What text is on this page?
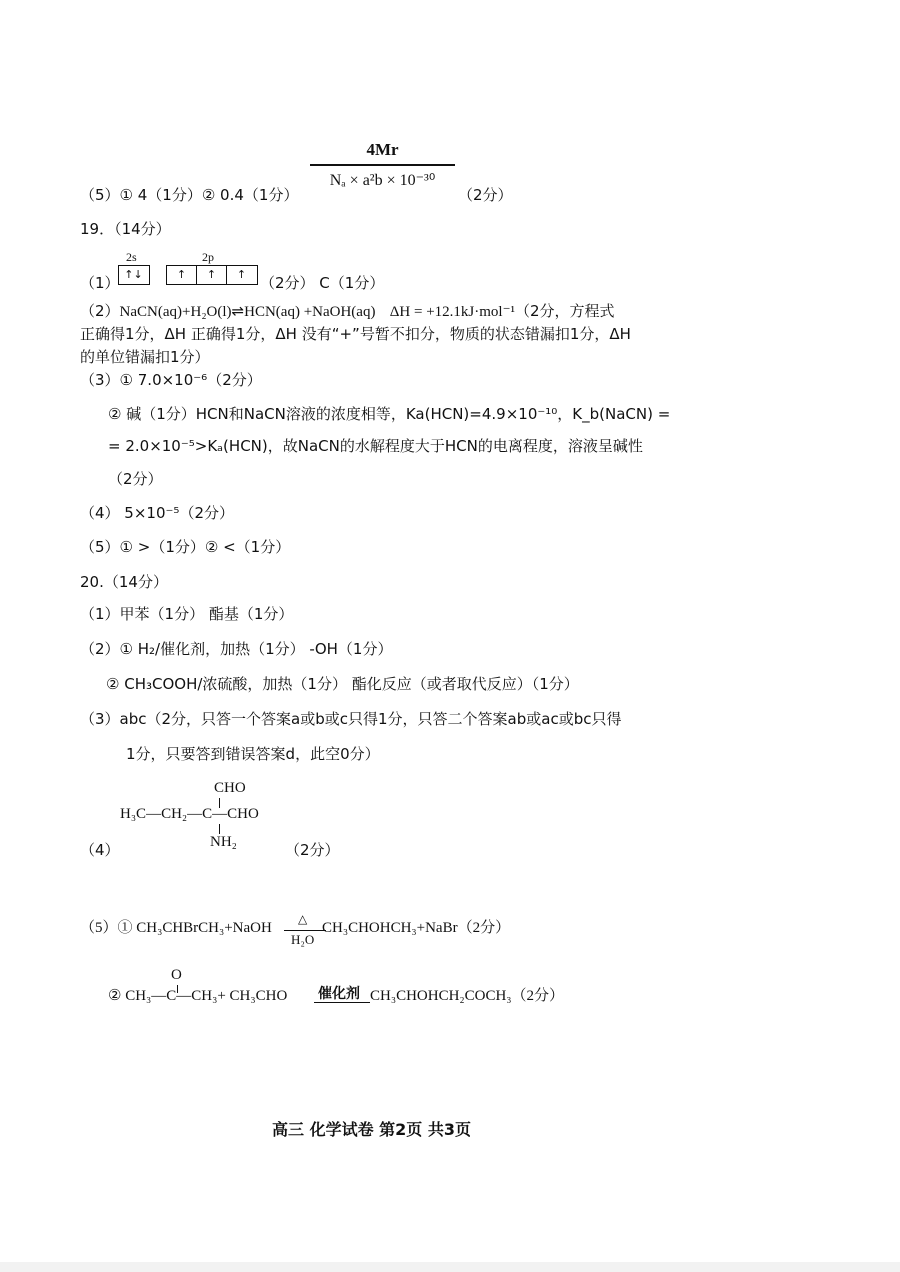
4Mr
Nₐ × a²b × 10⁻³⁰
（5）① 4（1分）② 0.4（1分）	（2分）
19．（14分）
（1）
2s
↑↓
2p
↑	↑	↑ （2分） C（1分）
（2）NaCN(aq)+H₂O(l)⇌HCN(aq) +NaOH(aq) ΔH = +12.1kJ·mol⁻¹（2分，方程式
正确得1分，ΔH 正确得1分，ΔH 没有“+”号暂不扣分，物质的状态错漏扣1分，ΔH
的单位错漏扣1分）
（3）① 7.0×10⁻⁶（2分）
② 碱（1分）HCN和NaCN溶液的浓度相等，Ka(HCN)=4.9×10⁻¹⁰，K_b(NaCN) =
= 2.0×10⁻⁵>Kₐ(HCN)，故NaCN的水解程度大于HCN的电离程度，溶液呈碱性
（2分）
（4） 5×10⁻⁵（2分）
（5）① >（1分）② <（1分）
20.（14分）
（1）甲苯（1分） 酯基（1分）
（2）① H₂/催化剂，加热（1分） -OH（1分）
② CH₃COOH/浓硫酸，加热（1分） 酯化反应（或者取代反应）（1分）
（3）abc（2分，只答一个答案a或b或c只得1分，只答二个答案ab或ac或bc只得
1分，只要答到错误答案d，此空0分）
CHO
H₃C—CH₂—C—CHO
NH₂
（4）	（2分）
（5）① CH₃CHBrCH₃+NaOH
△
H₂O
CH₃CHOHCH₃+NaBr（2分）
O
② CH₃—C—CH₃+ CH₃CHO 催化剂 CH₃CHOHCH₂COCH₃（2分）
高三 化学试卷 第2页 共3页
